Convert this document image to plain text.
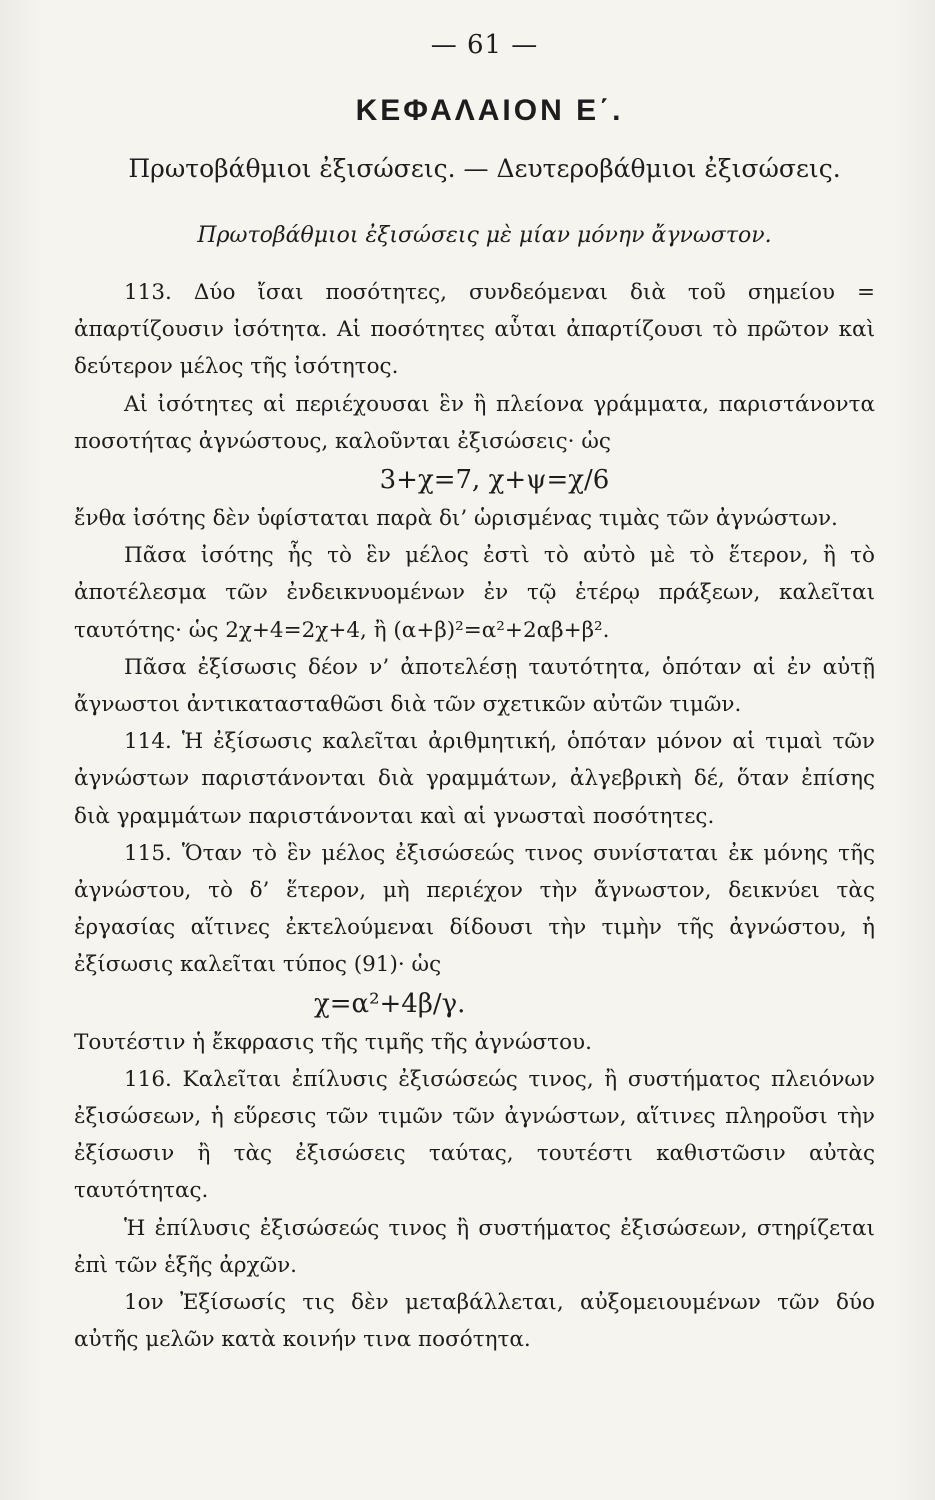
— 61 —
ΚΕΦΑΛΑΙΟΝ Ε΄.
Πρωτοβάθμιοι ἐξισώσεις. — Δευτεροβάθμιοι ἐξισώσεις.
Πρωτοβάθμιοι ἐξισώσεις μὲ μίαν μόνην ἄγνωστον.

113. Δύο ἴσαι ποσότητες, συνδεόμεναι διὰ τοῦ σημείου = ἀπαρτίζουσιν ἰσότητα. Αἱ ποσότητες αὗται ἀπαρτίζουσι τὸ πρῶτον καὶ δεύτερον μέλος τῆς ἰσότητος.

Αἱ ἰσότητες αἱ περιέχουσαι ἓν ἢ πλείονα γράμματα, παριστάνοντα ποσοτήτας ἀγνώστους, καλοῦνται ἐξισώσεις· ὡς

3+χ=7, χ+ψ=χ/6

ἔνθα ἰσότης δὲν ὑφίσταται παρὰ δι’ ὡρισμένας τιμὰς τῶν ἀγνώστων.

Πᾶσα ἰσότης ἧς τὸ ἓν μέλος ἐστὶ τὸ αὐτὸ μὲ τὸ ἕτερον, ἢ τὸ ἀποτέλεσμα τῶν ἐνδεικνυομένων ἐν τῷ ἑτέρῳ πράξεων, καλεῖται ταυτότης· ὡς 2χ+4=2χ+4, ἢ (α+β)²=α²+2αβ+β².

Πᾶσα ἐξίσωσις δέον ν’ ἀποτελέσῃ ταυτότητα, ὁπόταν αἱ ἐν αὐτῇ ἄγνωστοι ἀντικατασταθῶσι διὰ τῶν σχετικῶν αὐτῶν τιμῶν.

114. Ἡ ἐξίσωσις καλεῖται ἀριθμητική, ὁπόταν μόνον αἱ τιμαὶ τῶν ἀγνώστων παριστάνονται διὰ γραμμάτων, ἀλγεβρικὴ δέ, ὅταν ἐπίσης διὰ γραμμάτων παριστάνονται καὶ αἱ γνωσταὶ ποσότητες.

115. Ὅταν τὸ ἓν μέλος ἐξισώσεώς τινος συνίσταται ἐκ μόνης τῆς ἀγνώστου, τὸ δ’ ἕτερον, μὴ περιέχον τὴν ἄγνωστον, δεικνύει τὰς ἐργασίας αἵτινες ἐκτελούμεναι δίδουσι τὴν τιμὴν τῆς ἀγνώστου, ἡ ἐξίσωσις καλεῖται τύπος (91)· ὡς

χ=α²+4β/γ.

Τουτέστιν ἡ ἔκφρασις τῆς τιμῆς τῆς ἀγνώστου.

116. Καλεῖται ἐπίλυσις ἐξισώσεώς τινος, ἢ συστήματος πλειόνων ἐξισώσεων, ἡ εὕρεσις τῶν τιμῶν τῶν ἀγνώστων, αἵτινες πληροῦσι τὴν ἐξίσωσιν ἢ τὰς ἐξισώσεις ταύτας, τουτέστι καθιστῶσιν αὐτὰς ταυτότητας.

Ἡ ἐπίλυσις ἐξισώσεώς τινος ἢ συστήματος ἐξισώσεων, στηρίζεται ἐπὶ τῶν ἑξῆς ἀρχῶν.

1ον Ἐξίσωσίς τις δὲν μεταβάλλεται, αὐξομειουμένων τῶν δύο αὐτῆς μελῶν κατὰ κοινήν τινα ποσότητα.
